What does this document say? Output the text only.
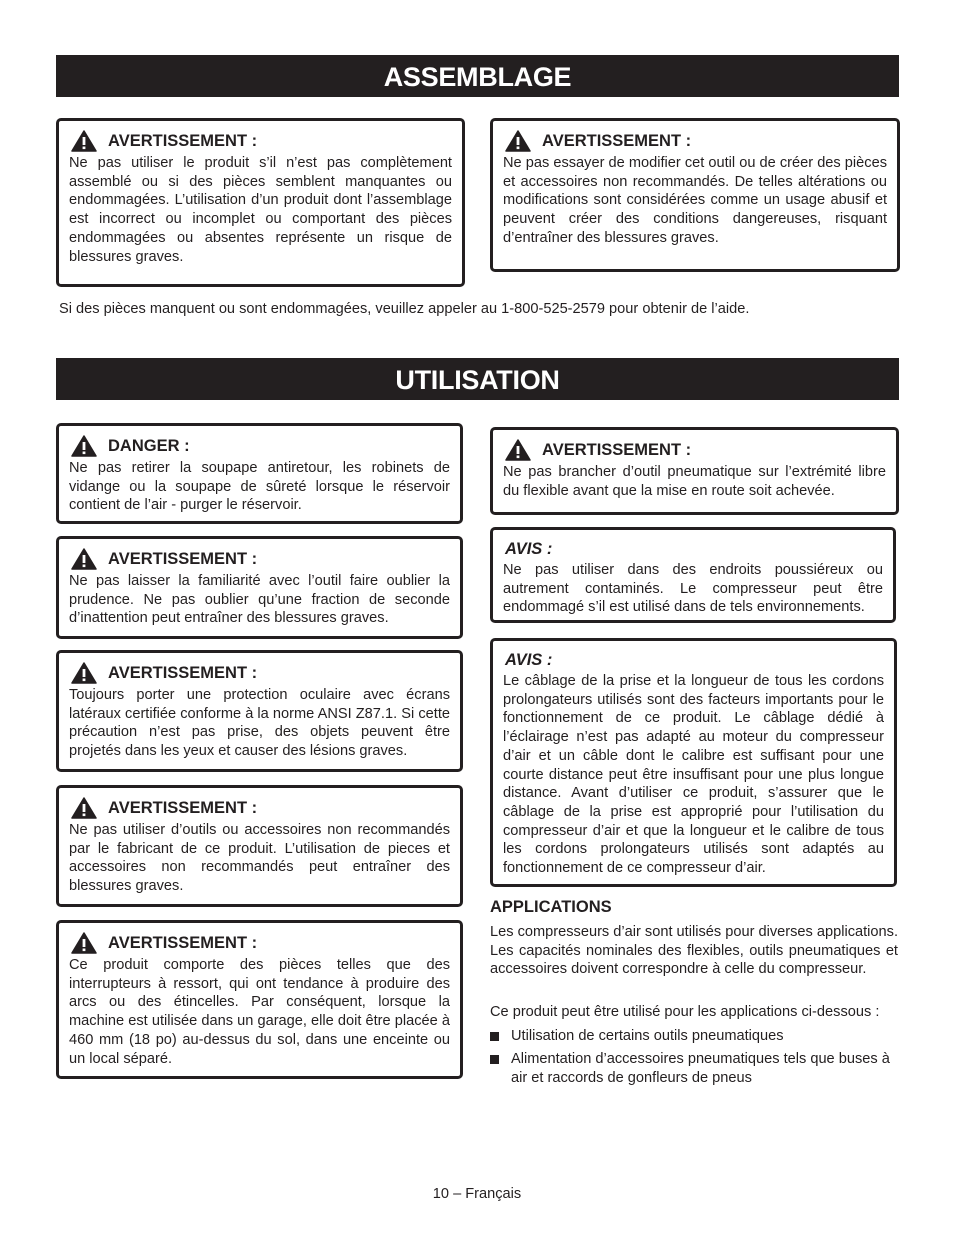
ASSEMBLAGE
AVERTISSEMENT :
Ne pas utiliser le produit s’il n’est pas complètement assemblé ou si des pièces semblent manquantes ou endommagées. L’utilisation d’un produit dont l’assemblage est incorrect ou incomplet ou comportant des pièces endommagées ou absentes représente un risque de blessures graves.
AVERTISSEMENT :
Ne pas essayer de modifier cet outil ou de créer des pièces et accessoires non recommandés. De telles altérations ou modifications sont considérées comme un usage abusif et peuvent créer des conditions dangereuses, risquant d’entraîner des blessures graves.
Si des pièces manquent ou sont endommagées, veuillez appeler au 1-800-525-2579 pour obtenir de l’aide.
UTILISATION
DANGER :
Ne pas retirer la soupape antiretour, les robinets de vidange ou la soupape de sûreté lorsque le réservoir contient de l’air - purger le réservoir.
AVERTISSEMENT :
Ne pas laisser la familiarité avec l’outil faire oublier la prudence. Ne pas oublier qu’une fraction de seconde d’inattention peut entraîner des blessures graves.
AVERTISSEMENT :
Toujours porter une protection oculaire avec écrans latéraux certifiée conforme à la norme ANSI Z87.1. Si cette précaution n’est pas prise, des objets peuvent être projetés dans les yeux et causer des lésions graves.
AVERTISSEMENT :
Ne pas utiliser d’outils ou accessoires non recommandés par le fabricant de ce produit. L’utilisation de pieces et accessoires non recommandés peut entraîner des blessures graves.
AVERTISSEMENT :
Ce produit comporte des pièces telles que des interrupteurs à ressort, qui ont tendance à produire des arcs ou des étincelles. Par conséquent, lorsque la machine est utilisée dans un garage, elle doit être placée à 460 mm (18 po) au-dessus du sol, dans une enceinte ou un local séparé.
AVERTISSEMENT :
Ne pas brancher d’outil pneumatique sur l’extrémité libre du flexible avant que la mise en route soit achevée.
AVIS :
Ne pas utiliser dans des endroits poussiéreux ou autrement contaminés. Le compresseur peut être endommagé s’il est utilisé dans de tels environnements.
AVIS :
Le câblage de la prise et la longueur de tous les cordons prolongateurs utilisés sont des facteurs importants pour le fonctionnement de ce produit. Le câblage dédié à l’éclairage n’est pas adapté au moteur du compresseur d’air et un câble dont le calibre est suffisant pour une courte distance peut être insuffisant pour une plus longue distance. Avant d’utiliser ce produit, s’assurer que le câblage de la prise est approprié pour l’utilisation du compresseur d’air et que la longueur et le calibre de tous les cordons prolongateurs utilisés sont adaptés au fonctionnement de ce compresseur d’air.
APPLICATIONS
Les compresseurs d’air sont utilisés pour diverses applications. Les capacités nominales des flexibles, outils pneumatiques et accessoires doivent correspondre à celle du compresseur.
Ce produit peut être utilisé pour les applications ci-dessous :
Utilisation de certains outils pneumatiques
Alimentation d’accessoires pneumatiques tels que buses à air et raccords de gonfleurs de pneus
10 – Français
